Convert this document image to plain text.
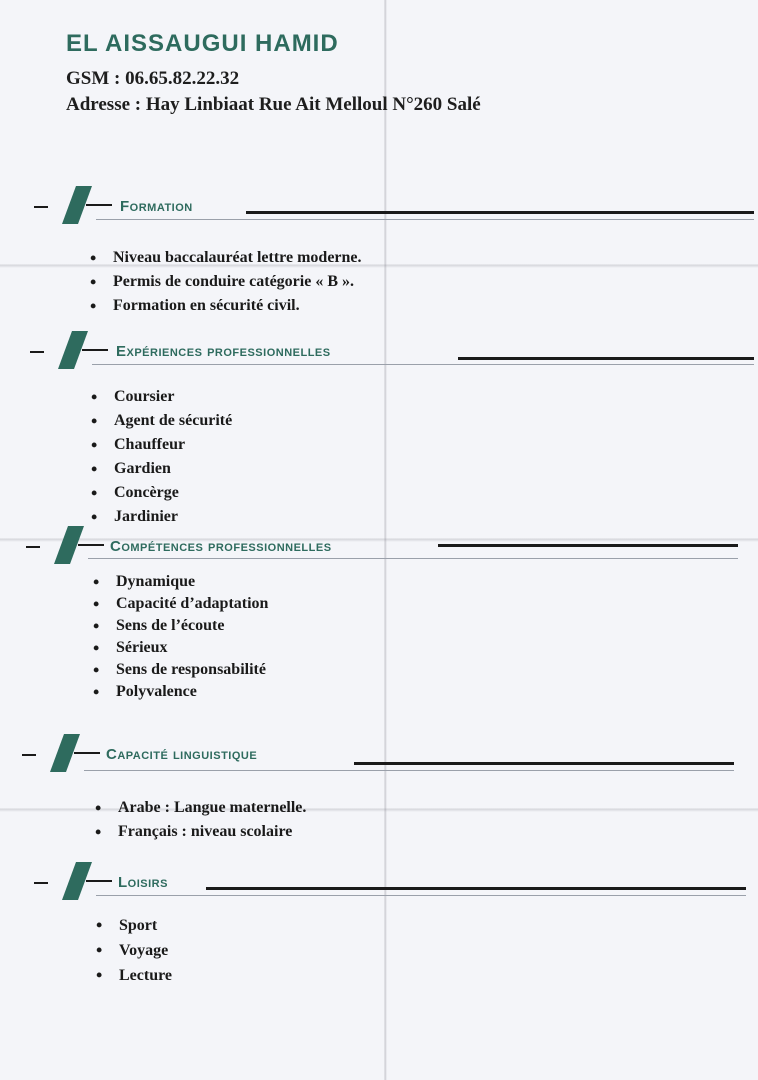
EL AISSAUGUI HAMID
GSM : 06.65.82.22.32
Adresse : Hay Linbiaat Rue Ait Melloul N°260 Salé
Formation
• Niveau baccalauréat lettre moderne.
• Permis de conduire catégorie « B ».
• Formation en sécurité civil.
Expériences professionnelles
• Coursier
• Agent de sécurité
• Chauffeur
• Gardien
• Concèrge
• Jardinier
Compétences professionnelles
• Dynamique
• Capacité d’adaptation
• Sens de l’écoute
• Sérieux
• Sens de responsabilité
• Polyvalence
Capacité linguistique
• Arabe : Langue maternelle.
• Français : niveau scolaire
Loisirs
• Sport
• Voyage
• Lecture
